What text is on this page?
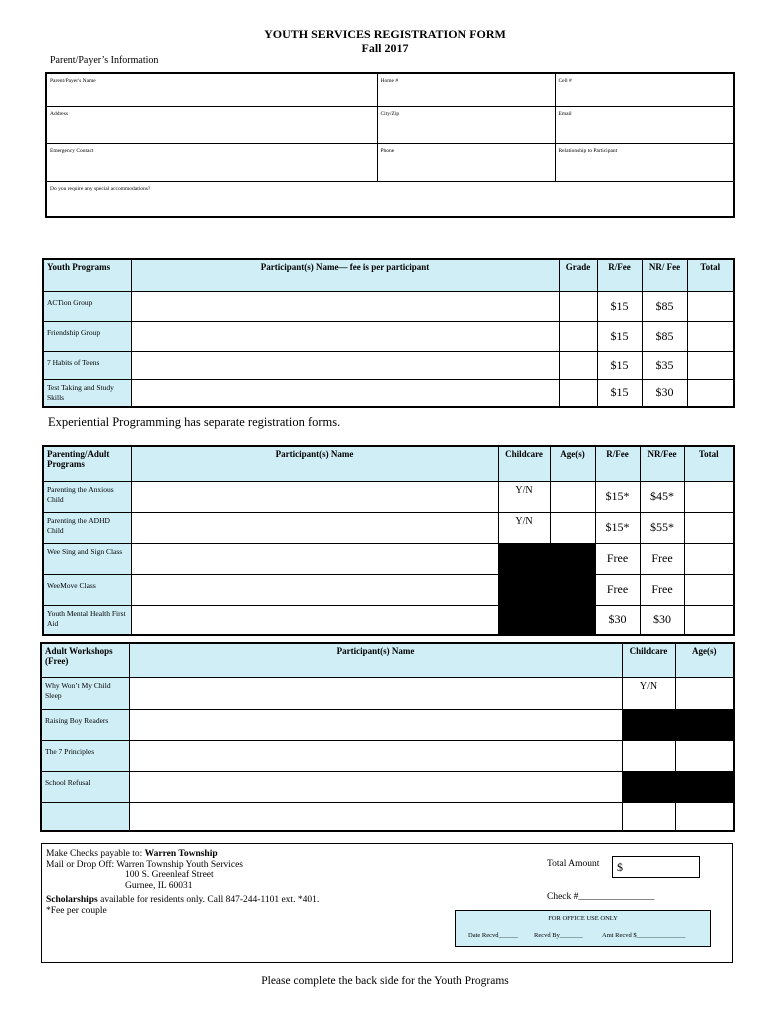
YOUTH SERVICES REGISTRATION FORM
Fall 2017
Parent/Payer’s Information
Parent/Payer's Name	Home #	Cell #
Address	City/Zip	Email
Emergency Contact	Phone	Relationship to Participant
Do you require any special accommodations?		
Youth Programs	Participant(s) Name— fee is per participant	Grade	R/Fee	NR/ Fee	Total
ACTion Group			$15	$85	
Friendship Group			$15	$85	
7 Habits of Teens			$15	$35	
Test Taking and Study Skills			$15	$30	
Experiential Programming has separate registration forms.
Parenting/Adult Programs	Participant(s) Name	Childcare	Age(s)	R/Fee	NR/Fee	Total
Parenting the Anxious Child		Y/N		$15*	$45*	
Parenting the ADHD Child		Y/N		$15*	$55*	
Wee Sing and Sign Class				Free	Free	
WeeMove Class				Free	Free	
Youth Mental Health First Aid				$30	$30	
Adult Workshops (Free)	Participant(s) Name	Childcare	Age(s)
Why Won’t My Child Sleep		Y/N	
Raising Boy Readers			
The 7 Principles			
School Refusal			

Make Checks payable to: Warren Township
Mail or Drop Off: Warren Township Youth Services
100 S. Greenleaf Street
Gurnee, IL 60031
Scholarships available for residents only. Call 847-244-1101 ext. *401.
*Fee per couple
Total Amount	$
Check #________________
FOR OFFICE USE ONLY
Date Recvd______ Recvd By_______	Amt Recvd $_______________
Please complete the back side for the Youth Programs
